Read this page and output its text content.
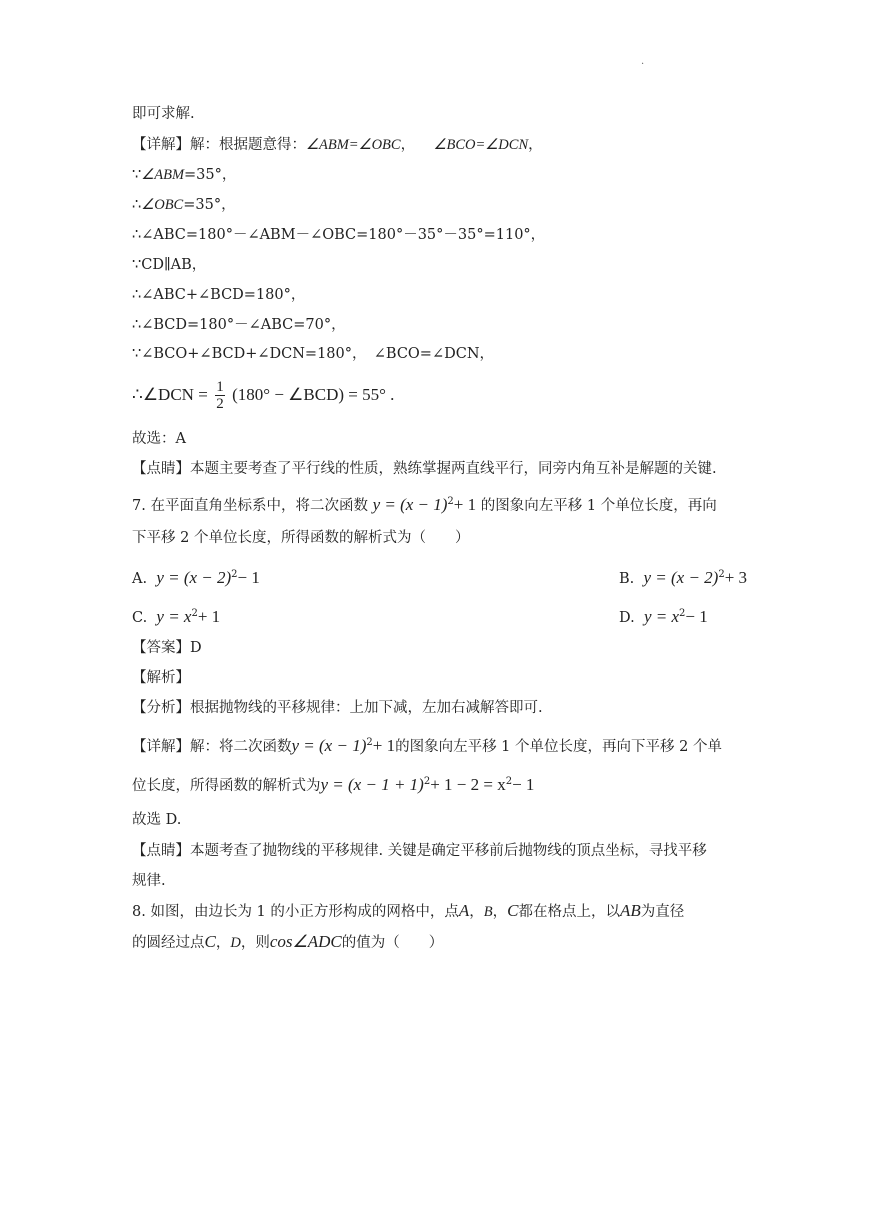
.
即可求解.
【详解】解：根据题意得：∠ABM=∠OBC，    ∠BCO=∠DCN，
∵∠ABM=35°，
∴∠OBC=35°，
∴∠ABC=180°－∠ABM－∠OBC=180°－35°－35°=110°，
∵CD∥AB，
∴∠ABC+∠BCD=180°，
∴∠BCD=180°－∠ABC=70°，
∵∠BCO+∠BCD+∠DCN=180°，　∠BCO=∠DCN，
∴∠DCN = $\frac{1}{2} (180^\circ$ − ∠BCD) = 55° .
故选：A
【点睛】本题主要考查了平行线的性质，熟练掌握两直线平行，同旁内角互补是解题的关键.
7. 在平面直角坐标系中，将二次函数 $y = (x - 1)^2+ 1$ 的图象向左平移 1 个单位长度，再向
下平移 2 个单位长度，所得函数的解析式为（　　）
A. $y = (x - 2)^2- 1$	B. $y = (x - 2)^2+ 3$
C. $y = x^2+ 1$	D. $y = x^2- 1$
【答案】D
【解析】
【分析】根据抛物线的平移规律：上加下减，左加右减解答即可.
【详解】解：将二次函数$y = (x - 1)^2+ 1$的图象向左平移 1 个单位长度，再向下平移 2 个单
位长度，所得函数的解析式为$y = (x - 1 + 1)^2+ 1 - 2 = x^2- 1$
故选 D.
【点睛】本题考查了抛物线的平移规律. 关键是确定平移前后抛物线的顶点坐标，寻找平移
规律.
8. 如图，由边长为 1 的小正方形构成的网格中，点A，B，C都在格点上，以AB为直径
的圆经过点C，D，则cos∠ADC的值为（　　）
